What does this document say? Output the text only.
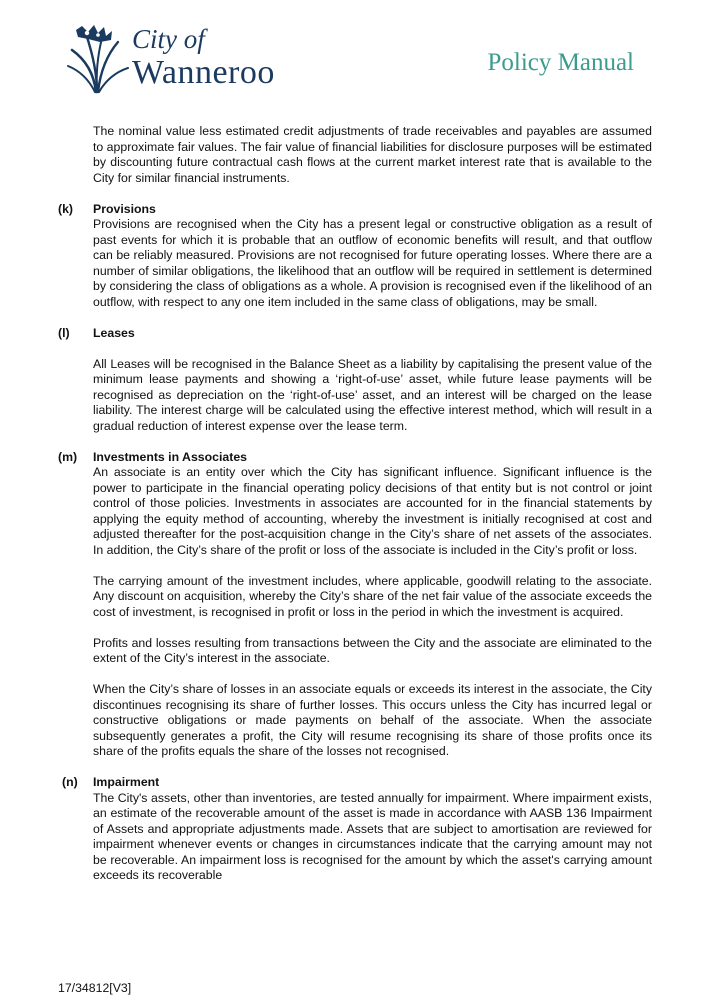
City of
Wanneroo	Policy Manual

The nominal value less estimated credit adjustments of trade receivables and payables are assumed to approximate fair values. The fair value of financial liabilities for disclosure purposes will be estimated by discounting future contractual cash flows at the current market interest rate that is available to the City for similar financial instruments.

(k) Provisions

Provisions are recognised when the City has a present legal or constructive obligation as a result of past events for which it is probable that an outflow of economic benefits will result, and that outflow can be reliably measured. Provisions are not recognised for future operating losses. Where there are a number of similar obligations, the likelihood that an outflow will be required in settlement is determined by considering the class of obligations as a whole. A provision is recognised even if the likelihood of an outflow, with respect to any one item included in the same class of obligations, may be small.

(l) Leases

All Leases will be recognised in the Balance Sheet as a liability by capitalising the present value of the minimum lease payments and showing a ‘right-of-use’ asset, while future lease payments will be recognised as depreciation on the ‘right-of-use’ asset, and an interest will be charged on the lease liability. The interest charge will be calculated using the effective interest method, which will result in a gradual reduction of interest expense over the lease term.

(m) Investments in Associates

An associate is an entity over which the City has significant influence. Significant influence is the power to participate in the financial operating policy decisions of that entity but is not control or joint control of those policies. Investments in associates are accounted for in the financial statements by applying the equity method of accounting, whereby the investment is initially recognised at cost and adjusted thereafter for the post-acquisition change in the City’s share of net assets of the associates. In addition, the City’s share of the profit or loss of the associate is included in the City’s profit or loss.

The carrying amount of the investment includes, where applicable, goodwill relating to the associate. Any discount on acquisition, whereby the City’s share of the net fair value of the associate exceeds the cost of investment, is recognised in profit or loss in the period in which the investment is acquired.

Profits and losses resulting from transactions between the City and the associate are eliminated to the extent of the City’s interest in the associate.

When the City’s share of losses in an associate equals or exceeds its interest in the associate, the City discontinues recognising its share of further losses. This occurs unless the City has incurred legal or constructive obligations or made payments on behalf of the associate. When the associate subsequently generates a profit, the City will resume recognising its share of those profits once its share of the profits equals the share of the losses not recognised.

(n) Impairment

The City's assets, other than inventories, are tested annually for impairment. Where impairment exists, an estimate of the recoverable amount of the asset is made in accordance with AASB 136 Impairment of Assets and appropriate adjustments made. Assets that are subject to amortisation are reviewed for impairment whenever events or changes in circumstances indicate that the carrying amount may not be recoverable. An impairment loss is recognised for the amount by which the asset's carrying amount exceeds its recoverable

17/34812[V3]
